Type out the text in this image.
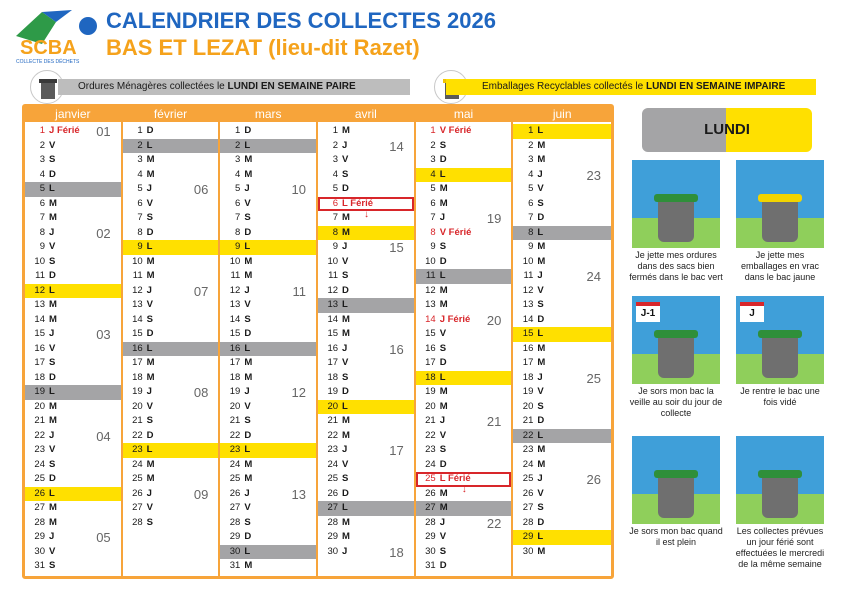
SCBA
COLLECTE DES DÉCHETS
CALENDRIER DES COLLECTES 2026
BAS ET LEZAT (lieu-dit Razet)
Ordures Ménagères collectées le LUNDI EN SEMAINE PAIRE	Emballages Recyclables collectés le LUNDI EN SEMAINE IMPAIRE
janvier
1 J Férié 01
2 V
3 S
4 D
5 L
6 M
7 M
8 J	02
9 V
10 S
11 D
12 L
13 M
14 M
15 J	03
16 V
17 S
18 D
19 L
20 M
21 M
22 J	04
23 V
24 S
25 D
26 L
27 M
28 M
29 J	05
30 V
31 S
février
1 D
2 L
3 M
4 M
5 J	06
6 V
7 S
8 D
9 L
10 M
11 M
12 J	07
13 V
14 S
15 D
16 L
17 M
18 M
19 J	08
20 V
21 S
22 D
23 L
24 M
25 M
26 J	09
27 V
28 S
mars
1 D
2 L
3 M
4 M
5 J	10
6 V
7 S
8 D
9 L
10 M
11 M
12 J	11
13 V
14 S
15 D
16 L
17 M
18 M
19 J	12
20 V
21 S
22 D
23 L
24 M
25 M
26 J	13
27 V
28 S
29 D
30 L
31 M
avril
1 M
2 J	14
3 V
4 S
5 D
6 L Férié
↓
7 M
8 M
9 J	15
10 V
11 S
12 D
13 L
14 M
15 M
16 J	16
17 V
18 S
19 D
20 L
21 M
22 M
23 J	17
24 V
25 S
26 D
27 L
28 M
29 M
30 J	18
mai
1 V Férié
2 S
3 D
4 L
5 M
6 M
7 J	19
8 V Férié
9 S
10 D
11 L
12 M
13 M
14 J Férié 20
15 V
16 S
17 D
18 L
19 M
20 M
21 J	21
22 V
23 S
24 D
25 L Férié
↓
26 M
27 M
28 J	22
29 V
30 S
31 D
juin
1 L
2 M
3 M
4 J	23
5 V
6 S
7 D
8 L
9 M
10 M
11 J	24
12 V
13 S
14 D
15 L
16 M
17 M
18 J	25
19 V
20 S
21 D
22 L
23 M
24 M
25 J	26
26 V
27 S
28 D
29 L
30 M
LUNDI
Je jette mes ordures dans des sacs bien fermés dans le bac vert
Je jette mes emballages en vrac dans le bac jaune
J-1
Je sors mon bac la veille au soir du jour de collecte
J
Je rentre le bac une fois vidé
Je sors mon bac quand il est plein
Les collectes prévues un jour férié sont effectuées le mercredi de la même semaine
